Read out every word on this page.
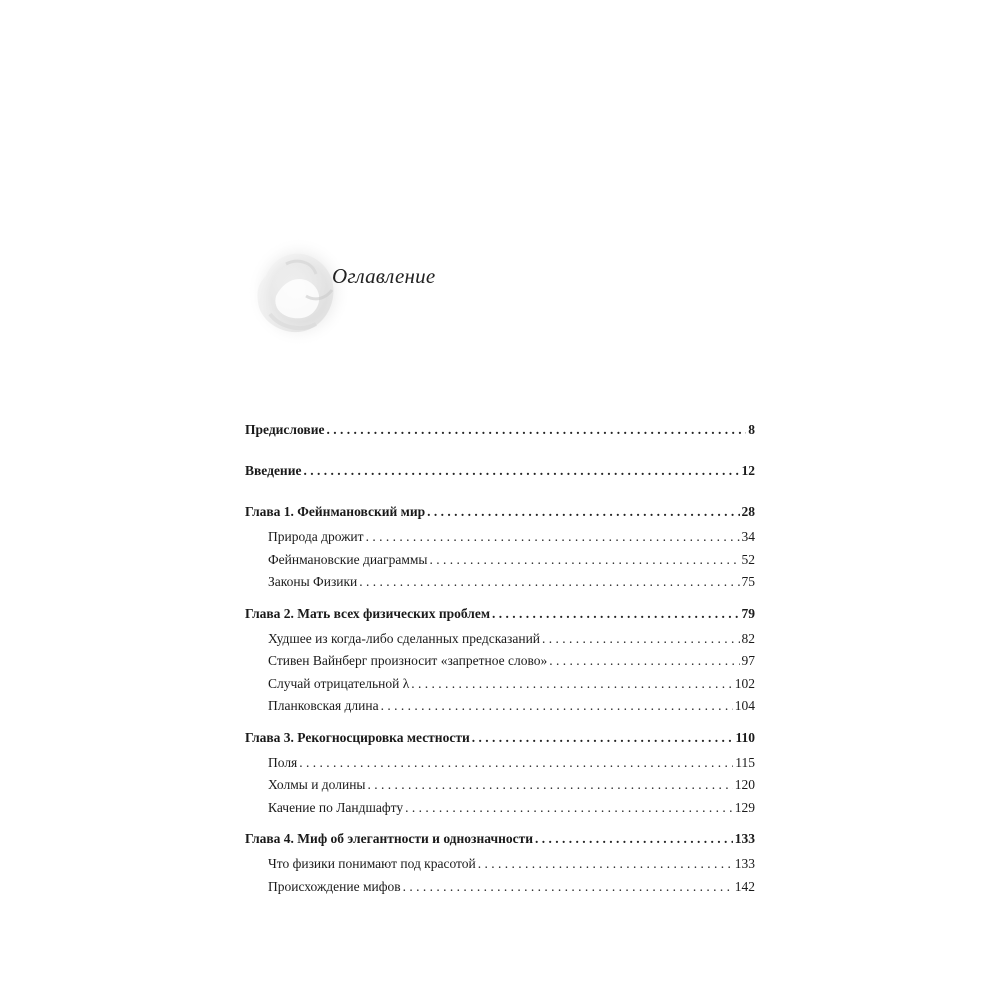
Оглавление
Предисловие . . .	8
Введение . . .	12
Глава 1. Фейнмановский мир . . .	28
Природа дрожит . . .	34
Фейнмановские диаграммы . . .	52
Законы Физики . . .	75
Глава 2. Мать всех физических проблем . . .	79
Худшее из когда-либо сделанных предсказаний . . .	82
Стивен Вайнберг произносит «запретное слово» . . .	97
Случай отрицательной λ . . .	102
Планковская длина . . .	104
Глава 3. Рекогносцировка местности . . .	110
Поля . . .	115
Холмы и долины . . .	120
Качение по Ландшафту . . .	129
Глава 4. Миф об элегантности и однозначности . . .	133
Что физики понимают под красотой . . .	133
Происхождение мифов . . .	142
